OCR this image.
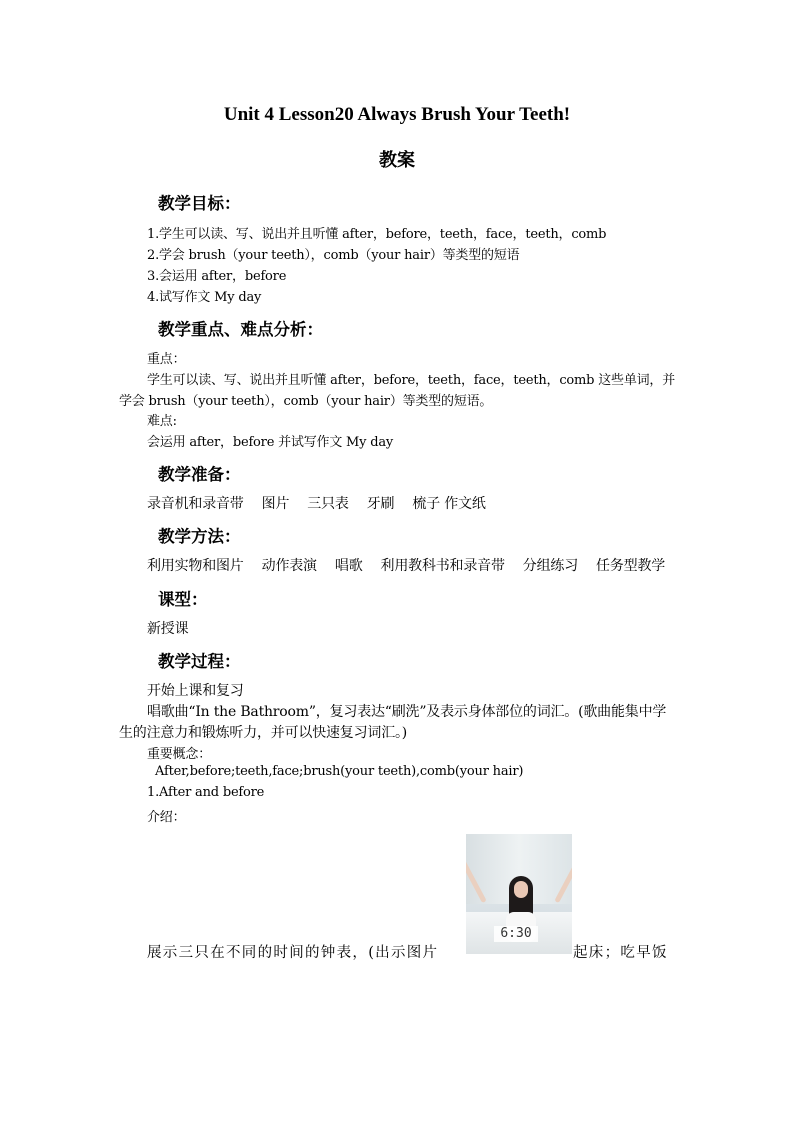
Unit 4 Lesson20 Always Brush Your Teeth!
教案
教学目标：
1.学生可以读、写、说出并且听懂 after，before，teeth，face，teeth，comb
2.学会 brush（your teeth），comb（your hair）等类型的短语
3.会运用 after，before
4.试写作文 My day
教学重点、难点分析：
重点：
学生可以读、写、说出并且听懂 after，before，teeth，face，teeth，comb 这些单词，并
学会 brush（your teeth），comb（your hair）等类型的短语。
难点:
会运用 after，before 并试写作文 My day
教学准备：
录音机和录音带　 图片　 三只表　 牙刷　 梳子 作文纸
教学方法：
利用实物和图片　 动作表演　 唱歌　 利用教科书和录音带　 分组练习　 任务型教学
课型：
新授课
教学过程：
开始上课和复习
唱歌曲“In the Bathroom”，复习表达“刷洗”及表示身体部位的词汇。(歌曲能集中学
生的注意力和锻炼听力，并可以快速复习词汇。)
重要概念：
After,before;teeth,face;brush(your teeth),comb(your hair)
1.After and before
介绍：
展示三只在不同的时间的钟表，(出示图片
6:30
起床；吃早饭
